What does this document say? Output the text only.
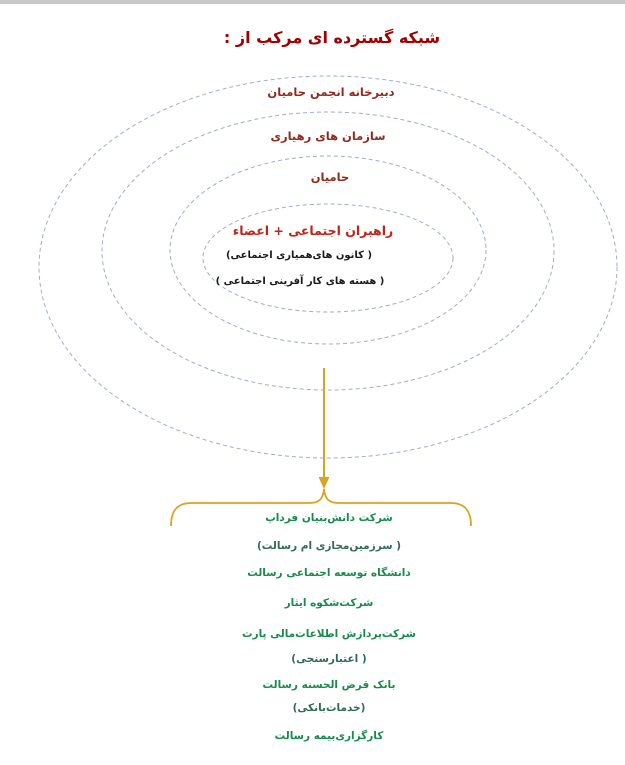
شبکه گسترده ای مرکب از :
دبیرخانه انجمن حامیان
سازمان های رهیاری
حامیان
راهبران اجتماعی + اعضاء
( کانون های‌همیاری اجتماعی)
( هسته های کار آفرینی اجتماعی )
شرکت دانش‌بنیان فرداپ
( سرزمین‌مجازی ام رسالت)
دانشگاه توسعه اجتماعی رسالت
شرکت‌شکوه ایثار
شرکت‌پردازش اطلاعات‌مالی پارت
( اعتبارسنجی)
بانک قرض الحسنه رسالت
(خدمات‌بانکی)
کارگزاری‌بیمه رسالت
